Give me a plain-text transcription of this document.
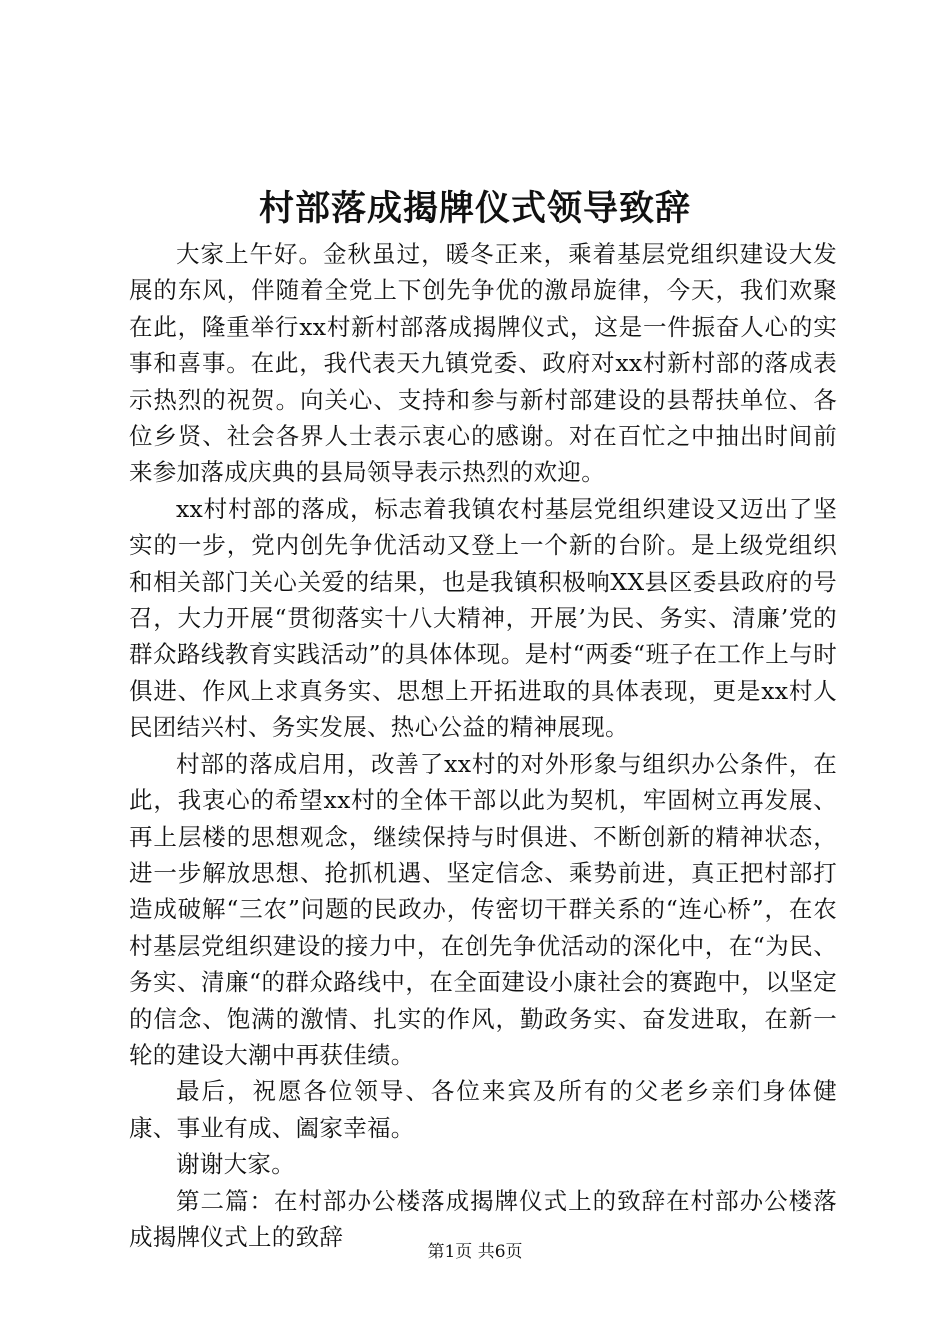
村部落成揭牌仪式领导致辞

大家上午好。金秋虽过，暖冬正来，乘着基层党组织建设大发展的东风，伴随着全党上下创先争优的激昂旋律，今天，我们欢聚在此，隆重举行xx村新村部落成揭牌仪式，这是一件振奋人心的实事和喜事。在此，我代表天九镇党委、政府对xx村新村部的落成表示热烈的祝贺。向关心、支持和参与新村部建设的县帮扶单位、各位乡贤、社会各界人士表示衷心的感谢。对在百忙之中抽出时间前来参加落成庆典的县局领导表示热烈的欢迎。

xx村村部的落成，标志着我镇农村基层党组织建设又迈出了坚实的一步，党内创先争优活动又登上一个新的台阶。是上级党组织和相关部门关心关爱的结果，也是我镇积极响XX县区委县政府的号召，大力开展“贯彻落实十八大精神，开展’为民、务实、清廉’党的群众路线教育实践活动”的具体体现。是村“两委“班子在工作上与时俱进、作风上求真务实、思想上开拓进取的具体表现，更是xx村人民团结兴村、务实发展、热心公益的精神展现。

村部的落成启用，改善了xx村的对外形象与组织办公条件，在此，我衷心的希望xx村的全体干部以此为契机，牢固树立再发展、再上层楼的思想观念，继续保持与时俱进、不断创新的精神状态，进一步解放思想、抢抓机遇、坚定信念、乘势前进，真正把村部打造成破解“三农”问题的民政办，传密切干群关系的“连心桥”，在农村基层党组织建设的接力中，在创先争优活动的深化中，在“为民、务实、清廉“的群众路线中，在全面建设小康社会的赛跑中，以坚定的信念、饱满的激情、扎实的作风，勤政务实、奋发进取，在新一轮的建设大潮中再获佳绩。

最后，祝愿各位领导、各位来宾及所有的父老乡亲们身体健康、事业有成、阖家幸福。

谢谢大家。

第二篇：在村部办公楼落成揭牌仪式上的致辞在村部办公楼落成揭牌仪式上的致辞

第1页 共6页
